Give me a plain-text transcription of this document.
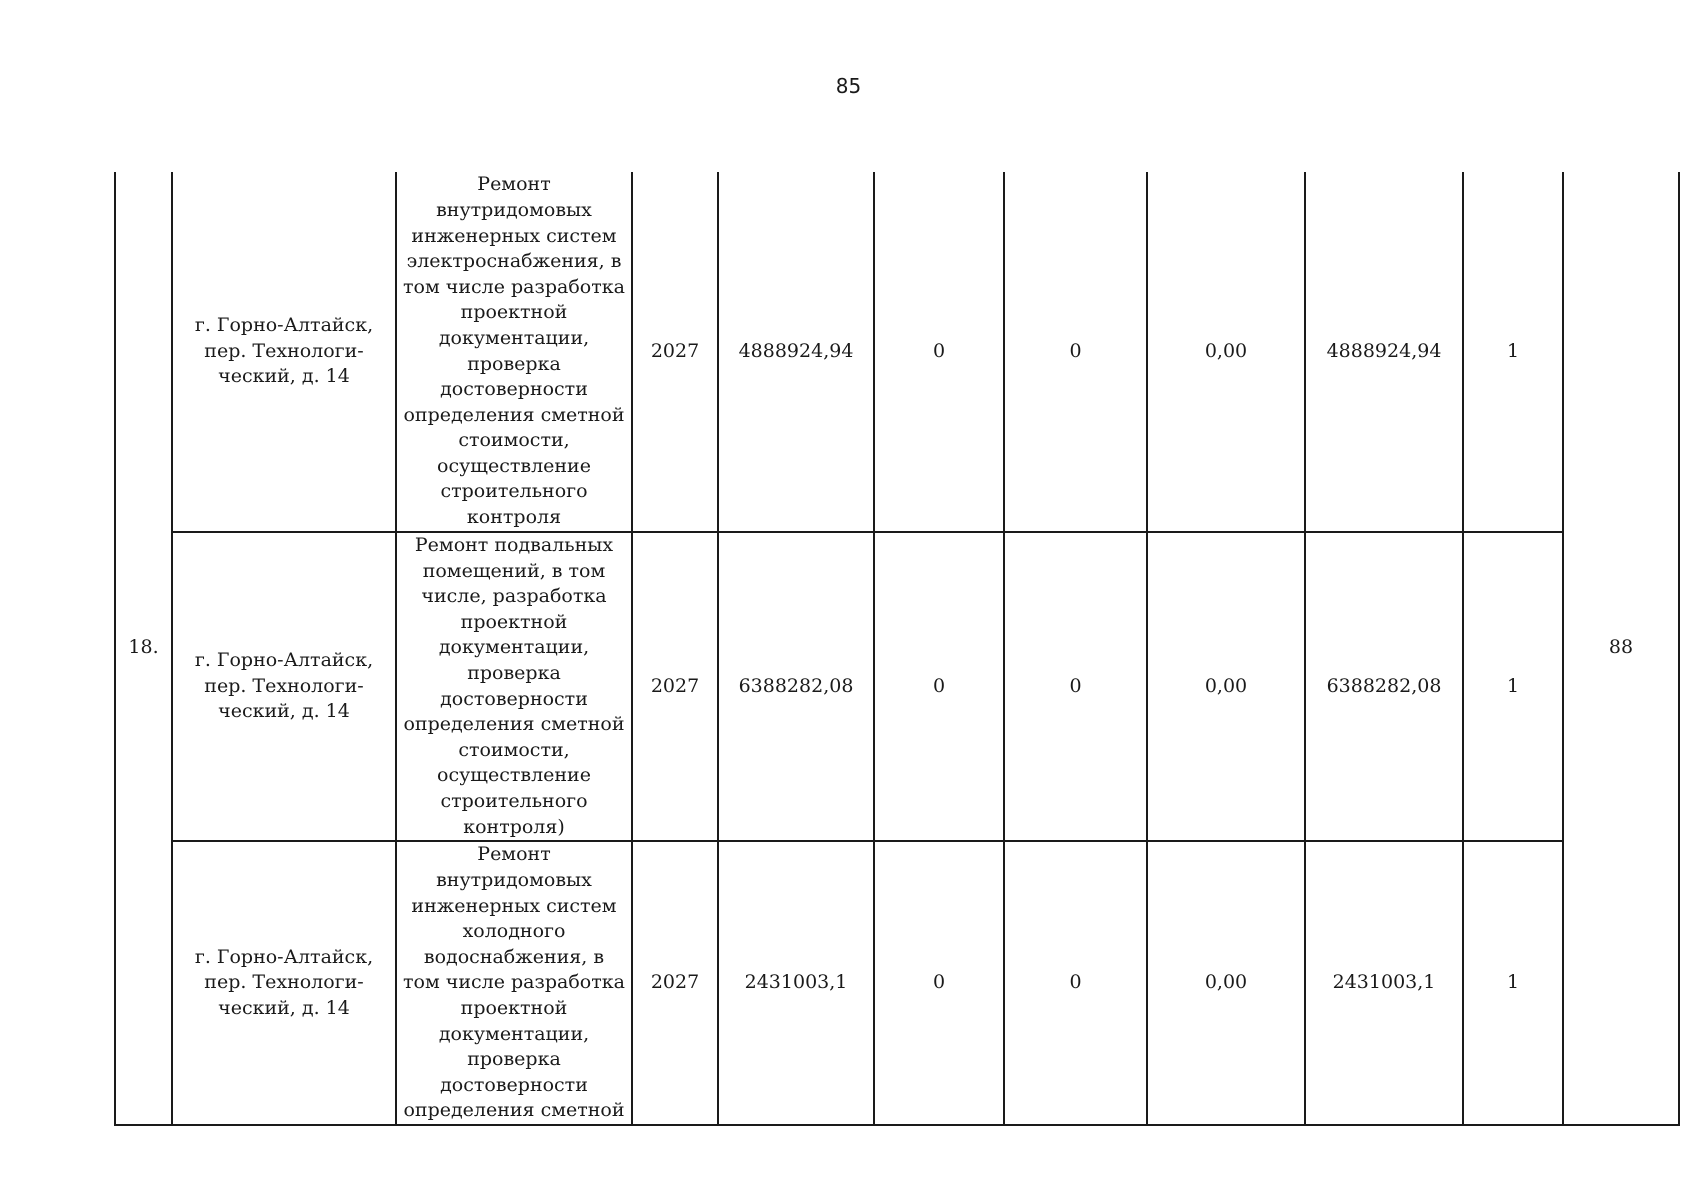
85
18.	г. Горно-Алтайск, пер. Технологи-ческий, д. 14	Ремонт внутридомовых инженерных систем электроснабжения, в том числе разработка проектной документации, проверка достоверности определения сметной стоимости, осуществление строительного контроля	2027	4888924,94	0	0	0,00	4888924,94	1	88
	г. Горно-Алтайск, пер. Технологи-ческий, д. 14	Ремонт подвальных помещений, в том числе, разработка проектной документации, проверка достоверности определения сметной стоимости, осуществление строительного контроля)	2027	6388282,08	0	0	0,00	6388282,08	1	
	г. Горно-Алтайск, пер. Технологи-ческий, д. 14	Ремонт внутридомовых инженерных систем холодного водоснабжения, в том числе разработка проектной документации, проверка достоверности определения сметной	2027	2431003,1	0	0	0,00	2431003,1	1	
